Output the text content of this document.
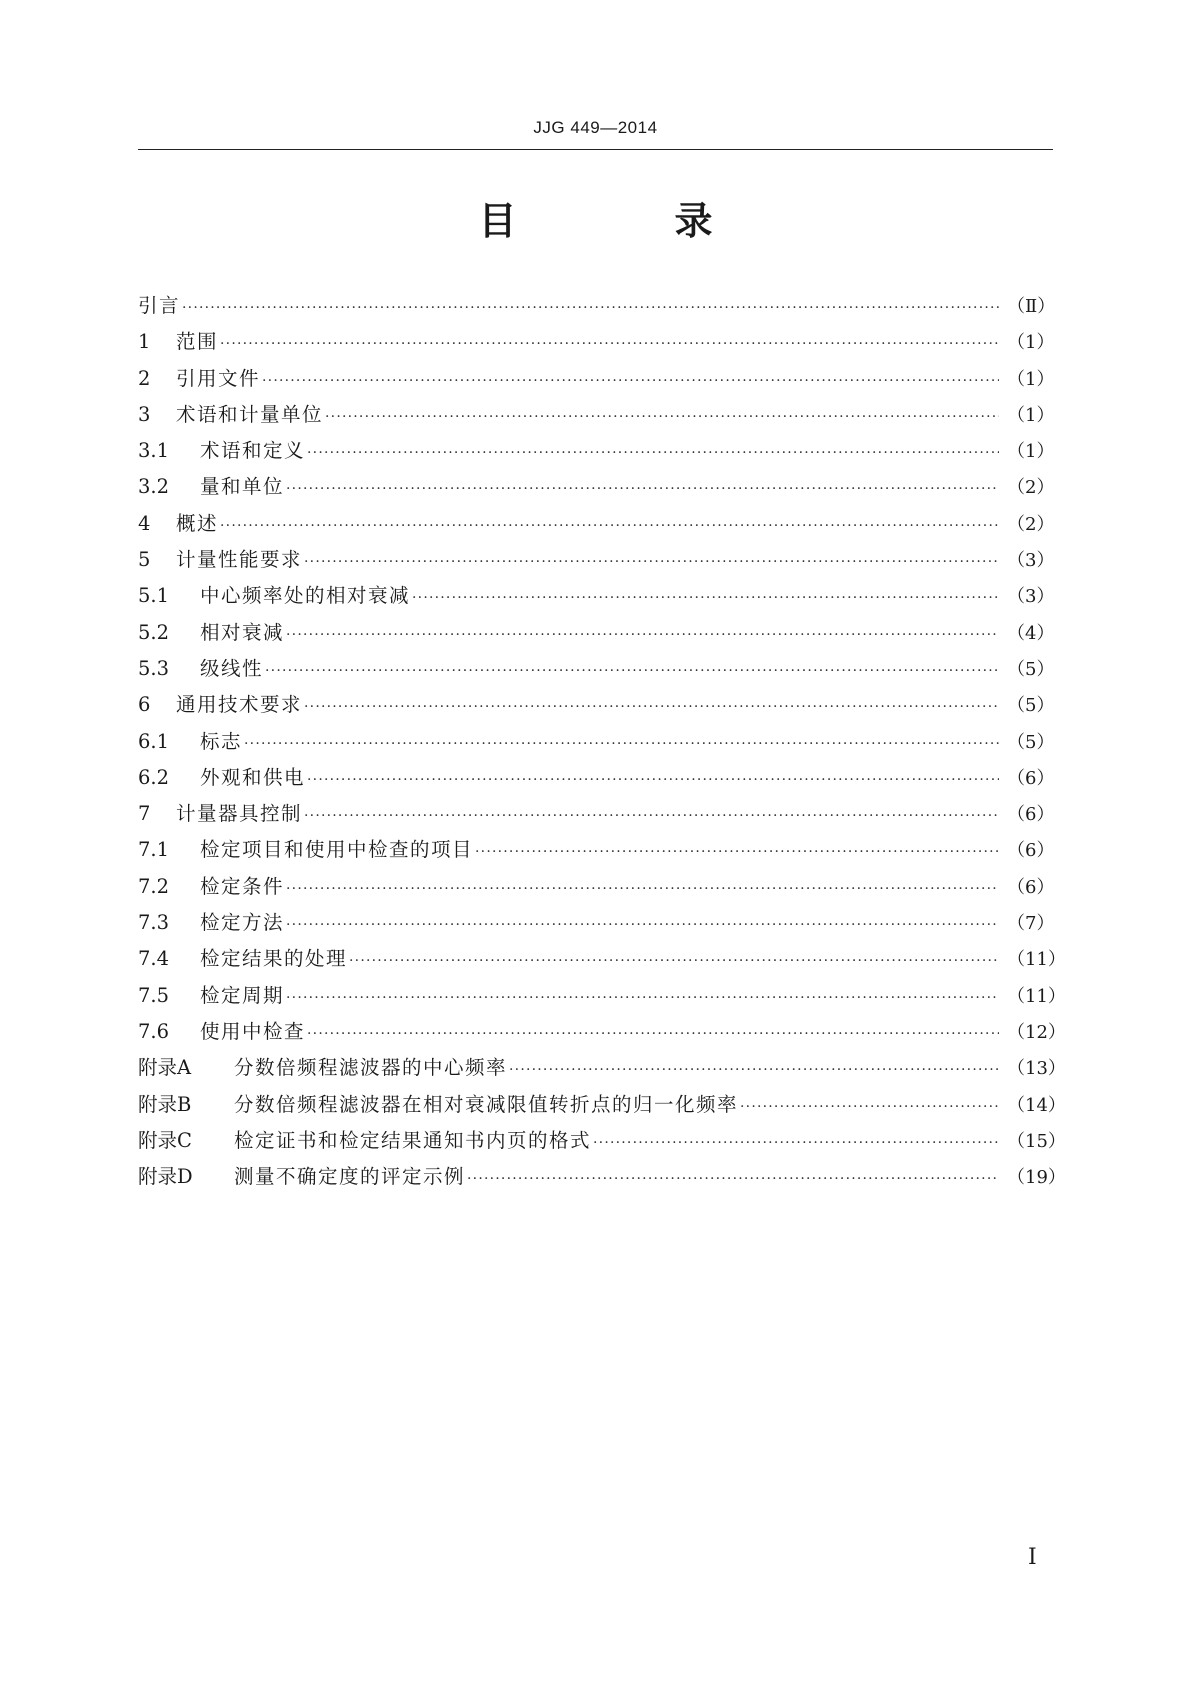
JJG 449—2014
目　录
引言 ·····	（Ⅱ）
1	范围 ·····	（1）
2	引用文件 ·····	（1）
3	术语和计量单位 ·····	（1）
3.1	术语和定义 ·····	（1）
3.2	量和单位 ·····	（2）
4	概述 ·····	（2）
5	计量性能要求 ·····	（3）
5.1	中心频率处的相对衰减 ·····	（3）
5.2	相对衰减 ·····	（4）
5.3	级线性 ·····	（5）
6	通用技术要求 ·····	（5）
6.1	标志 ·····	（5）
6.2	外观和供电 ·····	（6）
7	计量器具控制 ·····	（6）
7.1	检定项目和使用中检查的项目 ·····	（6）
7.2	检定条件 ·····	（6）
7.3	检定方法 ·····	（7）
7.4	检定结果的处理 ·····	（11）
7.5	检定周期 ·····	（11）
7.6	使用中检查 ·····	（12）
附录A	分数倍频程滤波器的中心频率 ·····	（13）
附录B	分数倍频程滤波器在相对衰减限值转折点的归一化频率 ·····	（14）
附录C	检定证书和检定结果通知书内页的格式 ·····	（15）
附录D	测量不确定度的评定示例 ·····	（19）
Ⅰ
